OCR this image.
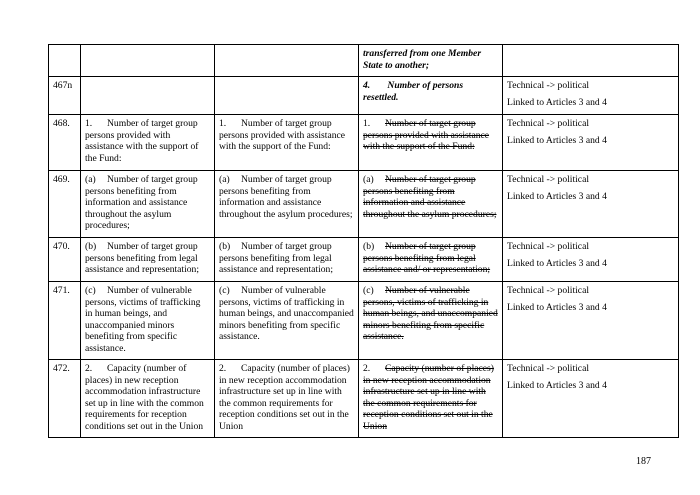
			transferred from one Member State to another;	
467n			4. Number of persons resettled.	Technical -> political
Linked to Articles 3 and 4

468.	1. Number of target group persons provided with assistance with the support of the Fund:	1. Number of target group persons provided with assistance with the support of the Fund:	1. Number of target group persons provided with assistance with the support of the Fund:	Technical -> political
Linked to Articles 3 and 4

469.	(a) Number of target group persons benefiting from information and assistance throughout the asylum procedures;	(a) Number of target group persons benefiting from information and assistance throughout the asylum procedures;	(a) Number of target group persons benefiting from information and assistance throughout the asylum procedures;	Technical -> political
Linked to Articles 3 and 4

470.	(b) Number of target group persons benefiting from legal assistance and representation;	(b) Number of target group persons benefiting from legal assistance and representation;	(b) Number of target group persons benefiting from legal assistance and/ or representation;	Technical -> political
Linked to Articles 3 and 4

471.	(c) Number of vulnerable persons, victims of trafficking in human beings, and unaccompanied minors benefiting from specific assistance.	(c) Number of vulnerable persons, victims of trafficking in human beings, and unaccompanied minors benefiting from specific assistance.	(c) Number of vulnerable persons, victims of trafficking in human beings, and unaccompanied minors benefiting from specific assistance.	Technical -> political
Linked to Articles 3 and 4

472.	2. Capacity (number of places) in new reception accommodation infrastructure set up in line with the common requirements for reception conditions set out in the Union	2. Capacity (number of places) in new reception accommodation infrastructure set up in line with the common requirements for reception conditions set out in the Union	2. Capacity (number of places) in new reception accommodation infrastructure set up in line with the common requirements for reception conditions set out in the Union	Technical -> political
Linked to Articles 3 and 4
187
